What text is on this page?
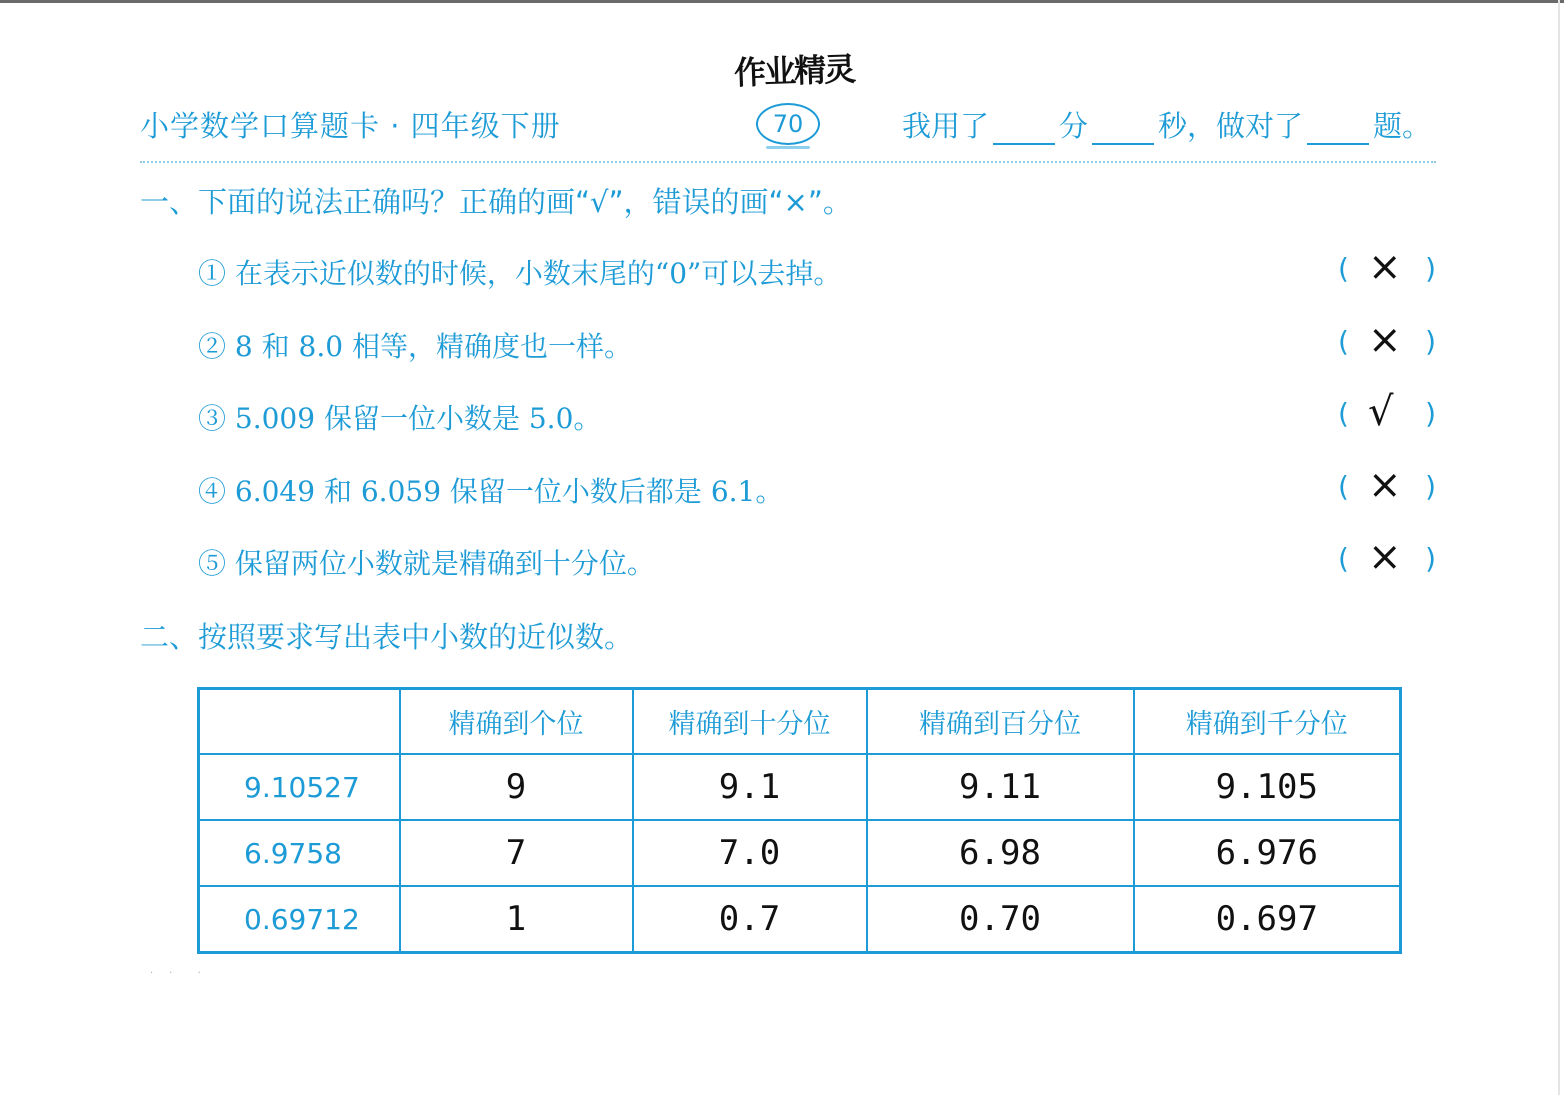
作业精灵
小学数学口算题卡 · 四年级下册	70	我用了 分 秒，做对了 题。
一、下面的说法正确吗？正确的画“√”，错误的画“×”。
① 在表示近似数的时候，小数末尾的“0”可以去掉。	( × )
② 8 和 8.0 相等，精确度也一样。	( × )
③ 5.009 保留一位小数是 5.0。	( √ )
④ 6.049 和 6.059 保留一位小数后都是 6.1。	( × )
⑤ 保留两位小数就是精确到十分位。	( × )
二、按照要求写出表中小数的近似数。
	精确到个位	精确到十分位	精确到百分位	精确到千分位
9.10527	9	9.1	9.11	9.105
6.9758	7	7.0	6.98	6.976
0.69712	1	0.7	0.70	0.697
·     ·        ·
